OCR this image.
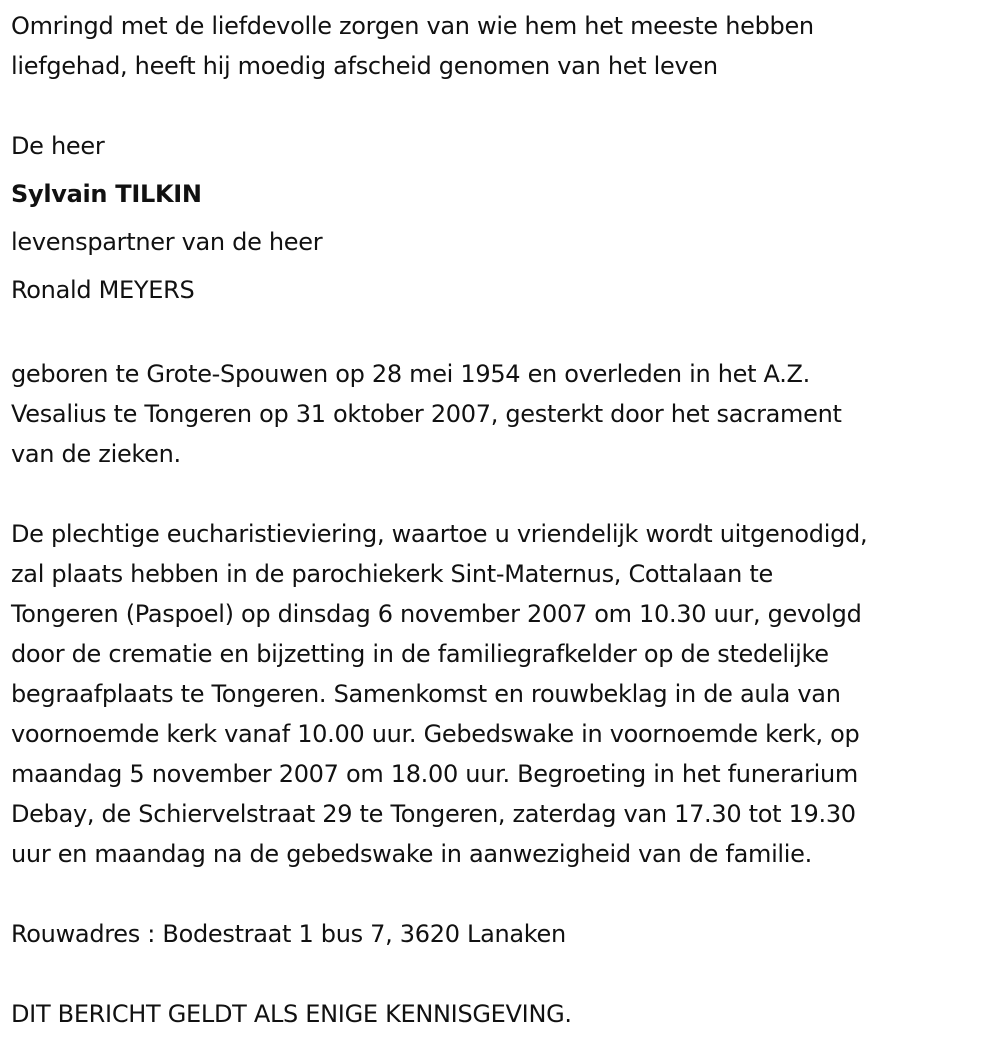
Omringd met de liefdevolle zorgen van wie hem het meeste hebben

liefgehad, heeft hij moedig afscheid genomen van het leven

De heer

Sylvain TILKIN

levenspartner van de heer

Ronald MEYERS

geboren te Grote-Spouwen op 28 mei 1954 en overleden in het A.Z.

Vesalius te Tongeren op 31 oktober 2007, gesterkt door het sacrament

van de zieken.

De plechtige eucharistieviering, waartoe u vriendelijk wordt uitgenodigd,

zal plaats hebben in de parochiekerk Sint-Maternus, Cottalaan te

Tongeren (Paspoel) op dinsdag 6 november 2007 om 10.30 uur, gevolgd

door de crematie en bijzetting in de familiegrafkelder op de stedelijke

begraafplaats te Tongeren. Samenkomst en rouwbeklag in de aula van

voornoemde kerk vanaf 10.00 uur. Gebedswake in voornoemde kerk, op

maandag 5 november 2007 om 18.00 uur. Begroeting in het funerarium

Debay, de Schiervelstraat 29 te Tongeren, zaterdag van 17.30 tot 19.30

uur en maandag na de gebedswake in aanwezigheid van de familie.

Rouwadres : Bodestraat 1 bus 7, 3620 Lanaken

DIT BERICHT GELDT ALS ENIGE KENNISGEVING.
